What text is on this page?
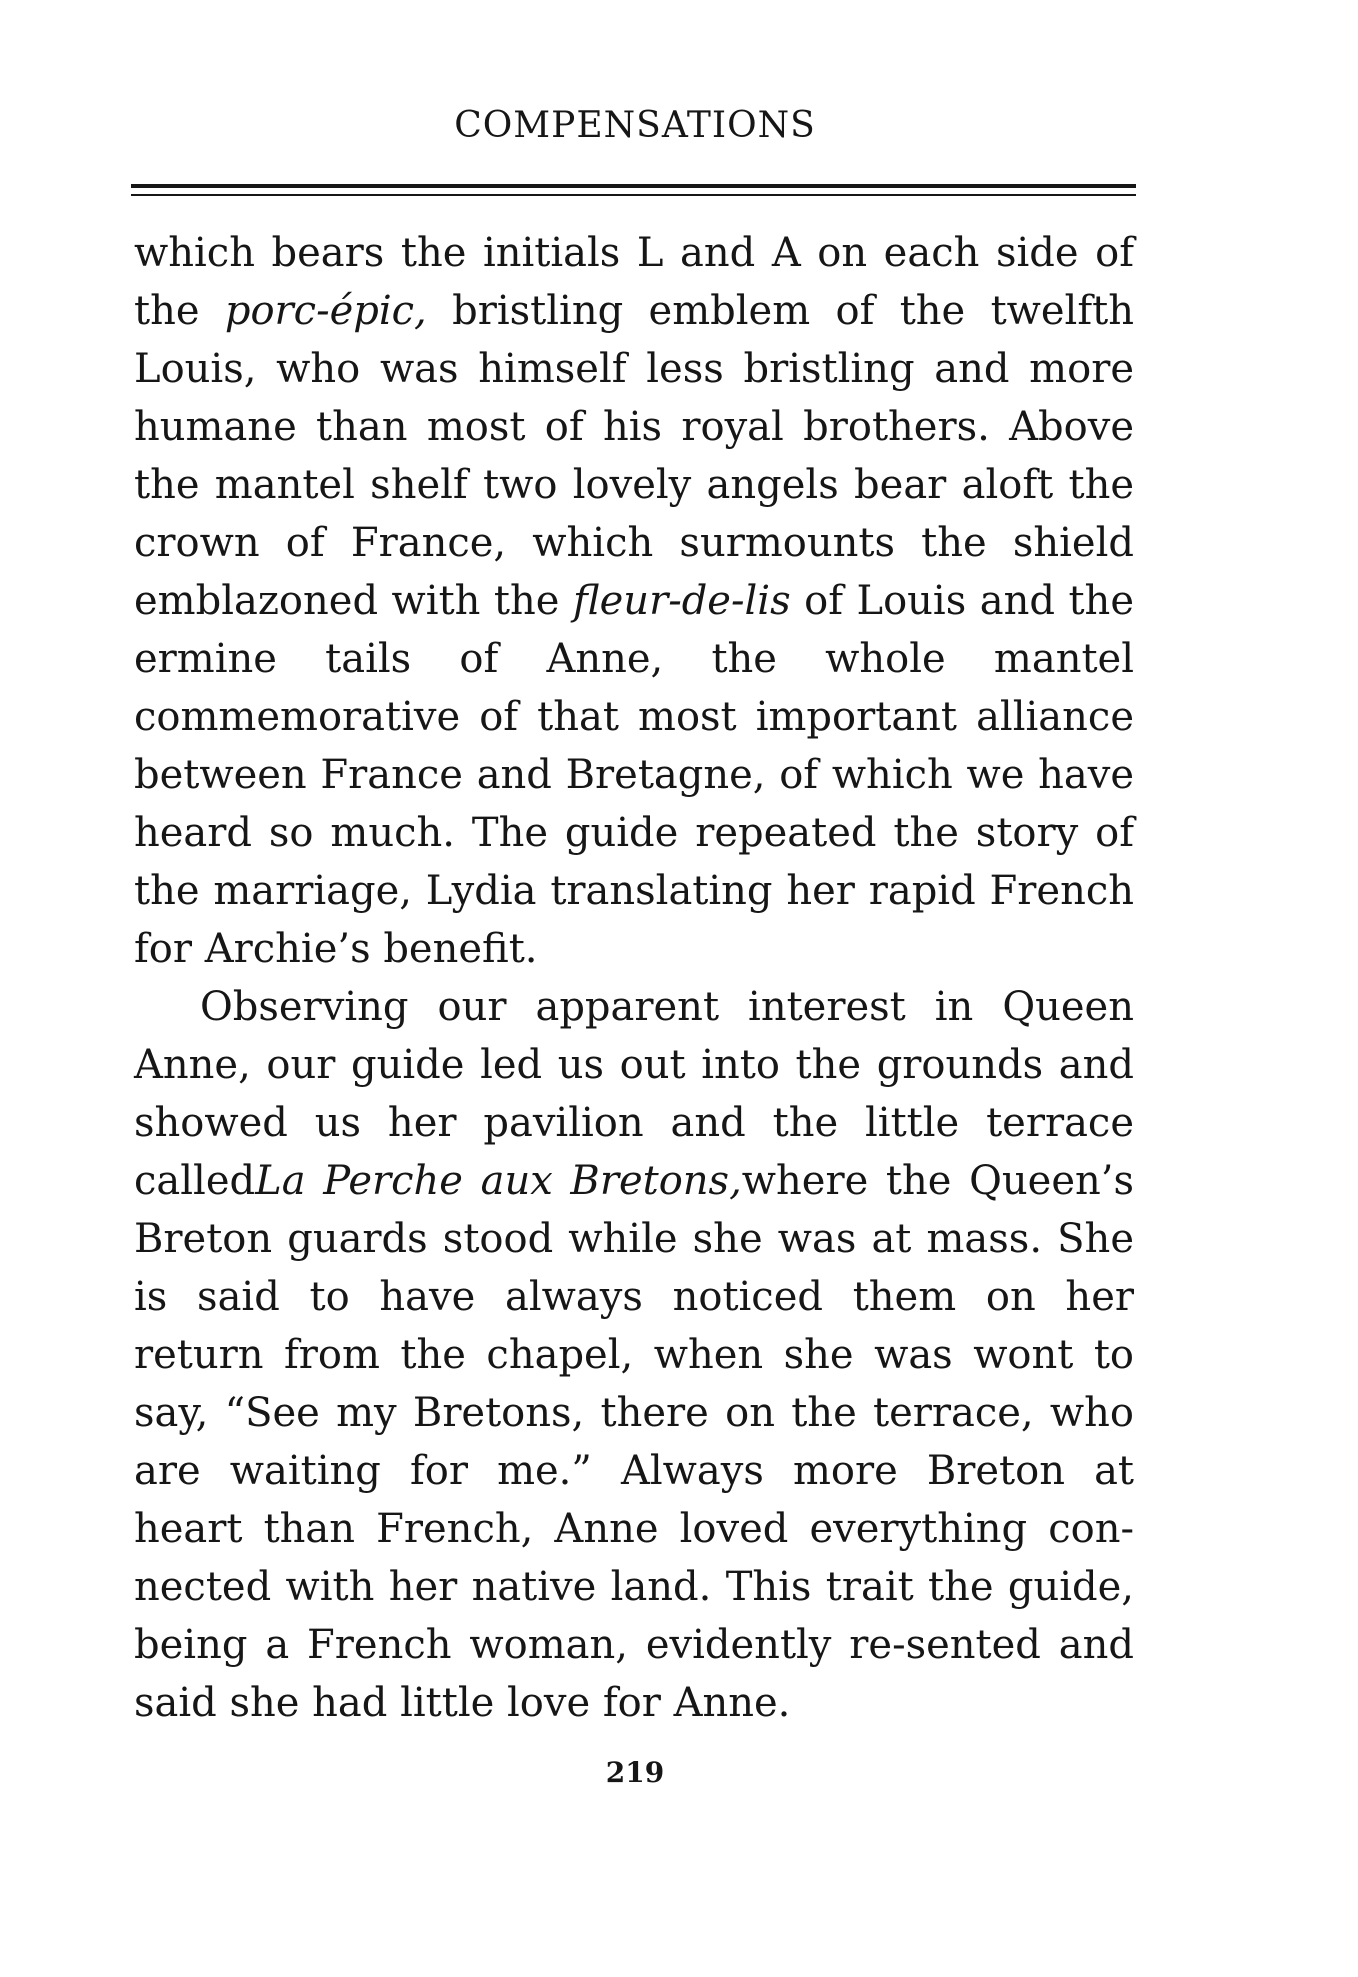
COMPENSATIONS

which bears the initials L and A on each side of the porc-épic, bristling emblem of the twelfth Louis, who was himself less bristling and more humane than most of his royal brothers. Above the mantel shelf two lovely angels bear aloft the crown of France, which surmounts the shield emblazoned with the fleur-de-lis of Louis and the ermine tails of Anne, the whole mantel commemorative of that most important alliance between France and Bretagne, of which we have heard so much. The guide repeated the story of the marriage, Lydia translating her rapid French for Archie’s benefit.

Observing our apparent interest in Queen Anne, our guide led us out into the grounds and showed us her pavilion and the little terrace calledLa Perche aux Bretons,where the Queen’s Breton guards stood while she was at mass. She is said to have always noticed them on her return from the chapel, when she was wont to say, “See my Bretons, there on the terrace, who are waiting for me.” Always more Breton at heart than French, Anne loved everything con-nected with her native land. This trait the guide, being a French woman, evidently re-sented and said she had little love for Anne.

219
